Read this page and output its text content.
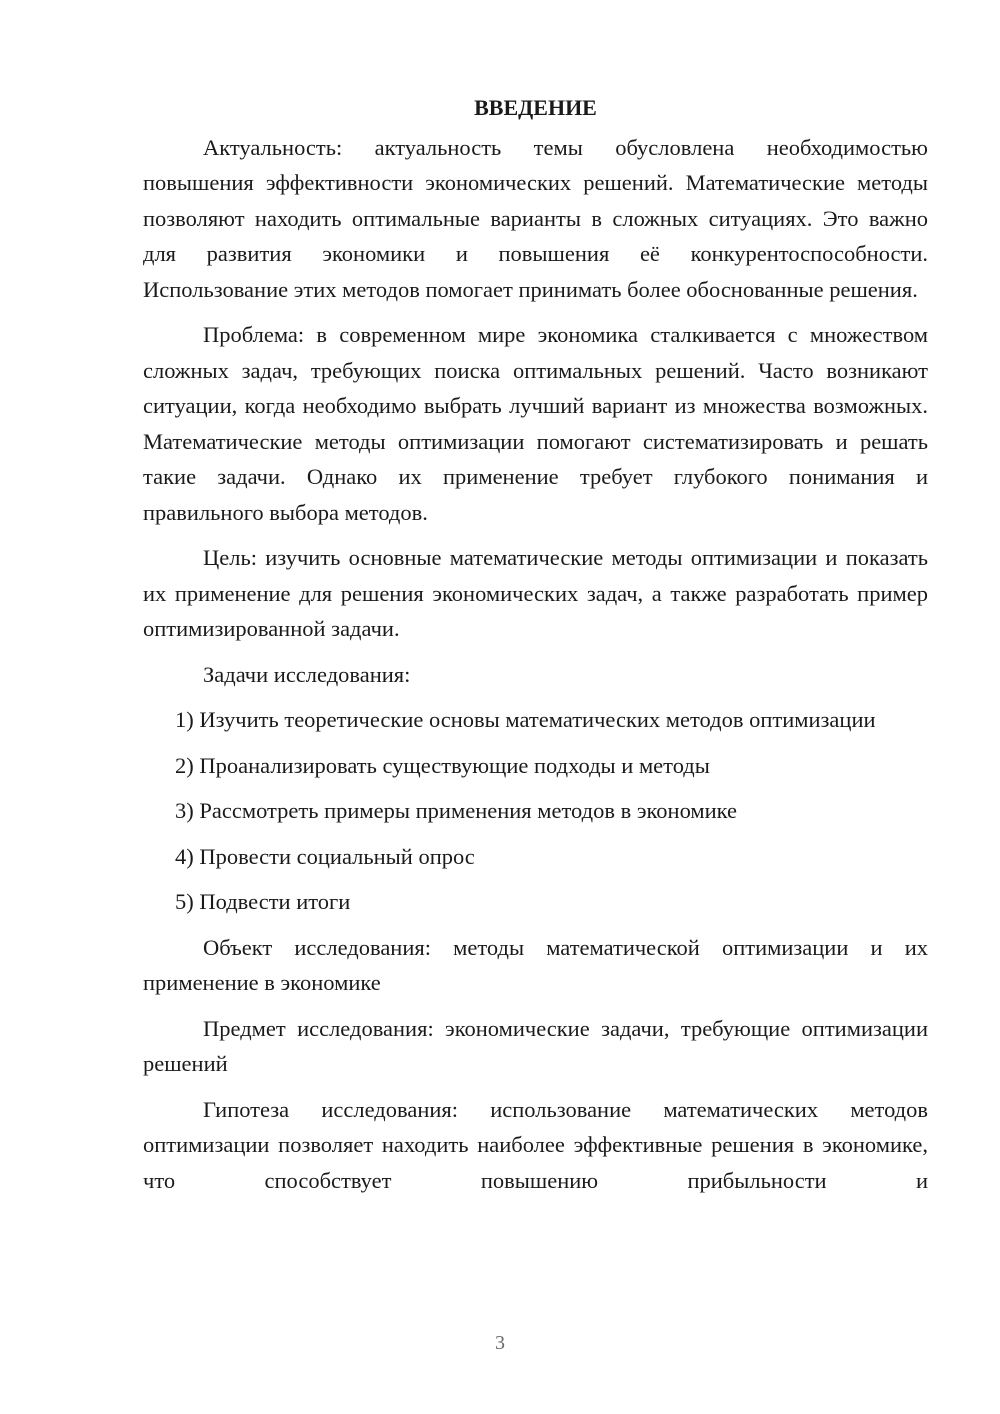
ВВЕДЕНИЕ

Актуальность: актуальность темы обусловлена необходимостью повышения эффективности экономических решений. Математические методы позволяют находить оптимальные варианты в сложных ситуациях. Это важно для развития экономики и повышения её конкурентоспособности. Использование этих методов помогает принимать более обоснованные решения.

Проблема: в современном мире экономика сталкивается с множеством сложных задач, требующих поиска оптимальных решений. Часто возникают ситуации, когда необходимо выбрать лучший вариант из множества возможных. Математические методы оптимизации помогают систематизировать и решать такие задачи. Однако их применение требует глубокого понимания и правильного выбора методов.

Цель: изучить основные математические методы оптимизации и показать их применение для решения экономических задач, а также разработать пример оптимизированной задачи.

Задачи исследования:

1) Изучить теоретические основы математических методов оптимизации

2) Проанализировать существующие подходы и методы

3) Рассмотреть примеры применения методов в экономике

4) Провести социальный опрос

5) Подвести итоги

Объект исследования: методы математической оптимизации и их применение в экономике

Предмет исследования: экономические задачи, требующие оптимизации решений

Гипотеза исследования: использование математических методов оптимизации позволяет находить наиболее эффективные решения в экономике, что способствует повышению прибыльности и

3
